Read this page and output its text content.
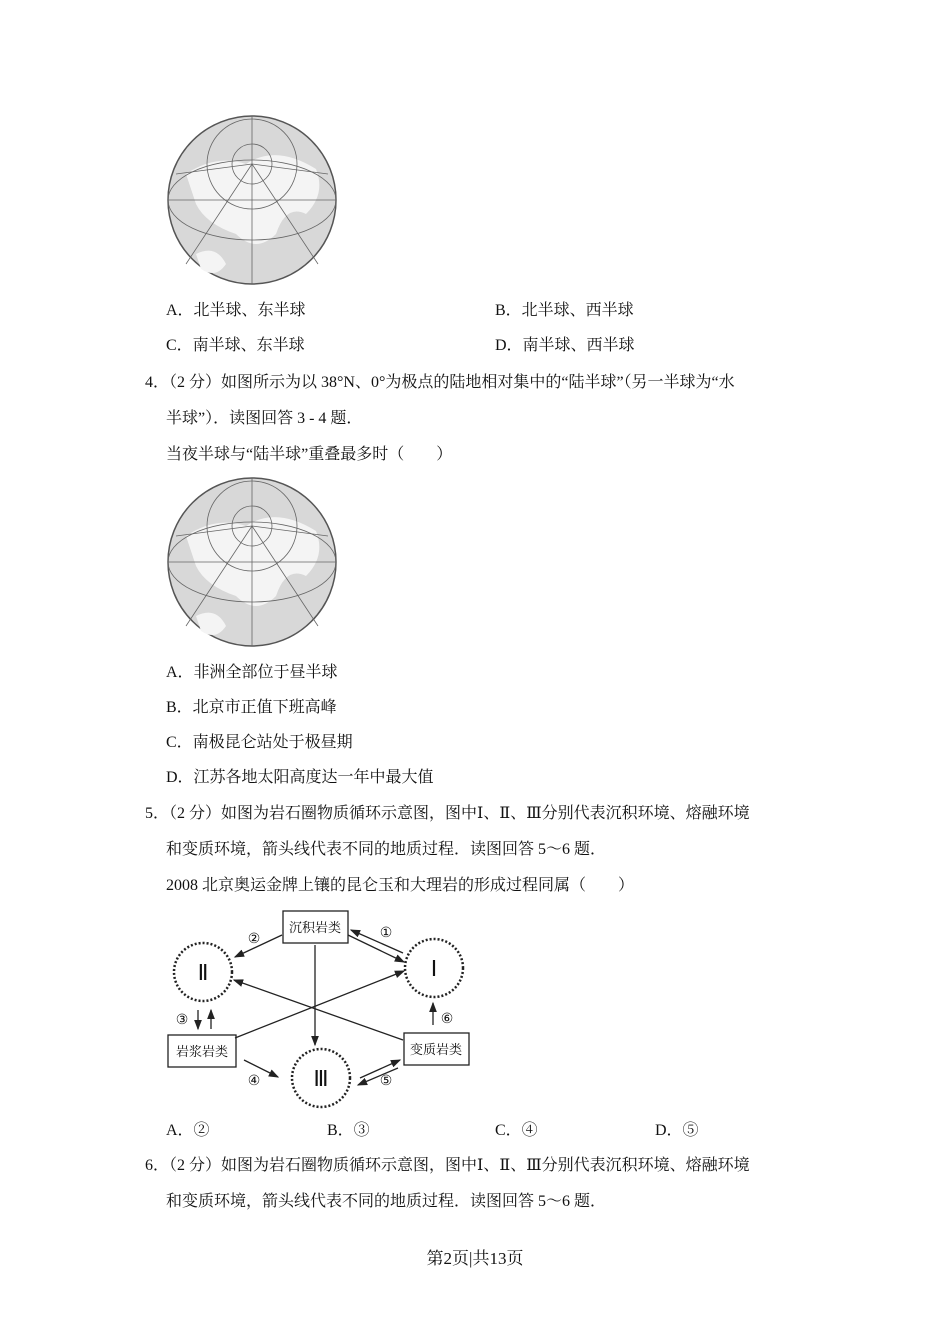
A．北半球、东半球	B．北半球、西半球
C．南半球、东半球	D．南半球、西半球
4．（2 分）如图所示为以 38°N、0°为极点的陆地相对集中的“陆半球”（另一半球为“水
半球”）．读图回答 3 - 4 题．
当夜半球与“陆半球”重叠最多时（　　）
A．非洲全部位于昼半球
B．北京市正值下班高峰
C．南极昆仑站处于极昼期
D．江苏各地太阳高度达一年中最大值
5．（2 分）如图为岩石圈物质循环示意图，图中Ⅰ、Ⅱ、Ⅲ分别代表沉积环境、熔融环境
和变质环境，箭头线代表不同的地质过程．读图回答 5～6 题．
2008 北京奥运金牌上镶的昆仑玉和大理岩的形成过程同属（　　）
沉积岩类
岩浆岩类	变质岩类
Ⅰ
Ⅱ
Ⅲ
①
②
③
④	⑤
⑥
A．②	B．③	C．④	D．⑤
6．（2 分）如图为岩石圈物质循环示意图，图中Ⅰ、Ⅱ、Ⅲ分别代表沉积环境、熔融环境
和变质环境，箭头线代表不同的地质过程．读图回答 5～6 题．
第2页|共13页
